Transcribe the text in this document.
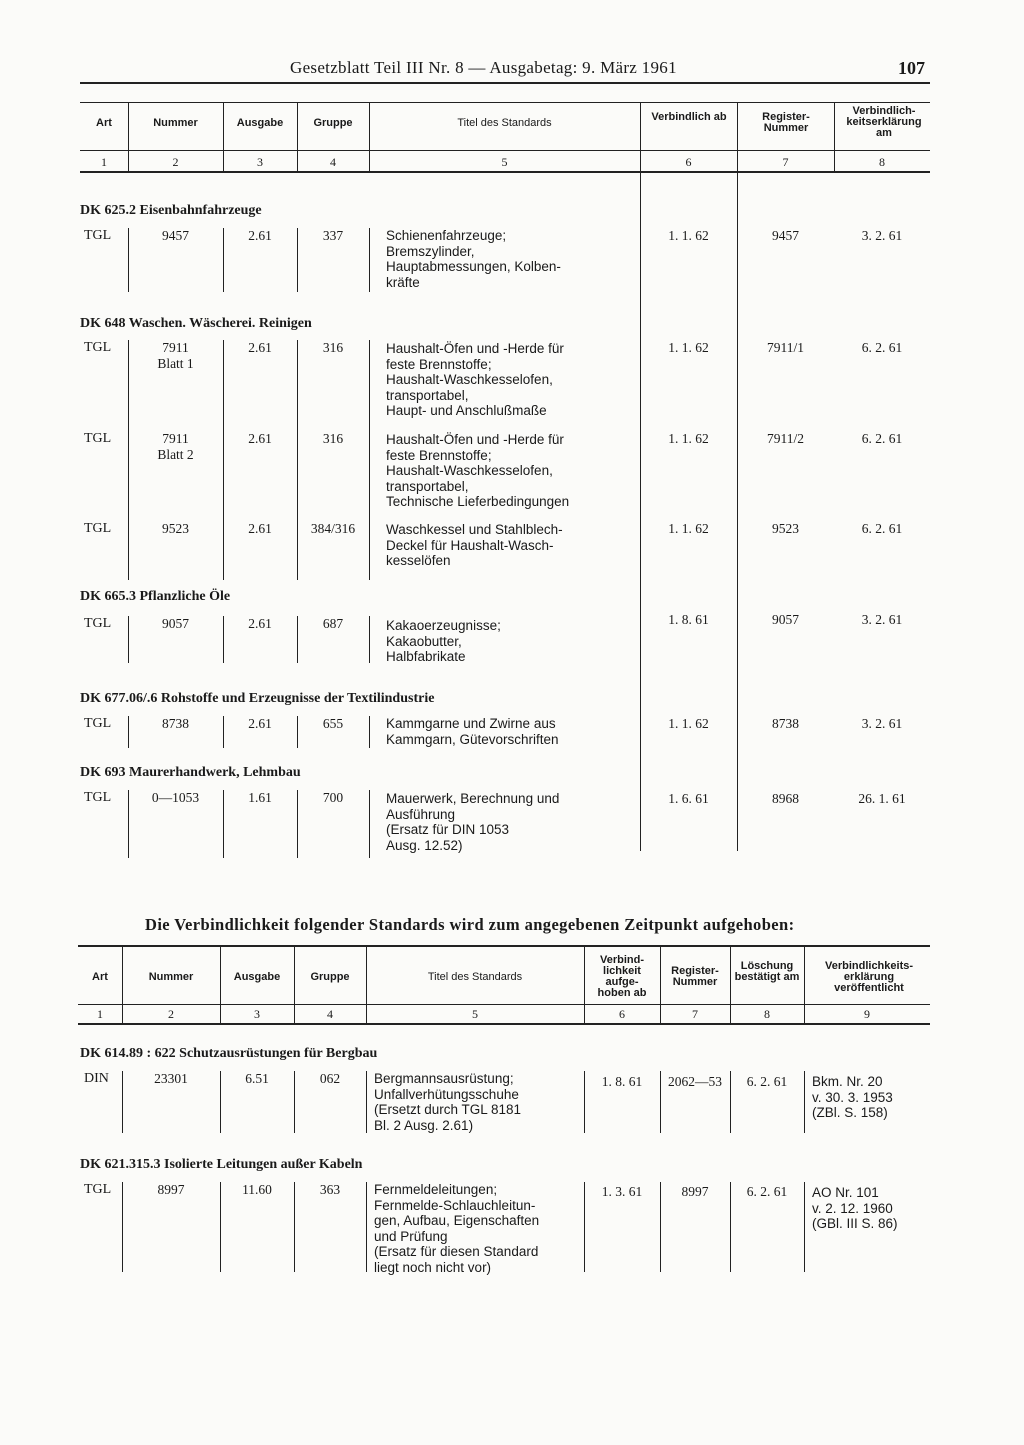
Gesetzblatt Teil III Nr. 8 — Ausgabetag: 9. März 1961	107
Art	Nummer	Ausgabe	Gruppe	Titel des Standards	Verbindlich ab	Register-Nummer
Verbindlich-keitserklärung am
1	2	3	4	5	6	7	8
DK 625.2 Eisenbahnfahrzeuge
TGL	9457	2.61	337	Schienenfahrzeuge;
Bremszylinder,
Hauptabmessungen, Kolben-
kräfte
1. 1. 62	9457	3. 2. 61
DK 648 Waschen. Wäscherei. Reinigen
TGL	7911
Blatt 1
2.61	316	Haushalt-Öfen und -Herde für
feste Brennstoffe;
Haushalt-Waschkesselofen,
transportabel,
Haupt- und Anschlußmaße
1. 1. 62	7911/1	6. 2. 61
TGL	7911
Blatt 2
2.61	316	Haushalt-Öfen und -Herde für
feste Brennstoffe;
Haushalt-Waschkesselofen,
transportabel,
Technische Lieferbedingungen
1. 1. 62	7911/2	6. 2. 61
TGL	9523	2.61	384/316	Waschkessel und Stahlblech-
Deckel für Haushalt-Wasch-
kesselöfen
1. 1. 62	9523	6. 2. 61
DK 665.3 Pflanzliche Öle
TGL	9057	2.61	687	Kakaoerzeugnisse;
Kakaobutter,
Halbfabrikate
1. 8. 61	9057	3. 2. 61
DK 677.06/.6 Rohstoffe und Erzeugnisse der Textilindustrie
TGL	8738	2.61	655	Kammgarne und Zwirne aus
Kammgarn, Gütevorschriften
1. 1. 62	8738	3. 2. 61
DK 693 Maurerhandwerk, Lehmbau
TGL	0—1053	1.61	700	Mauerwerk, Berechnung und
Ausführung
(Ersatz für DIN 1053
Ausg. 12.52)
1. 6. 61	8968	26. 1. 61
Die Verbindlichkeit folgender Standards wird zum angegebenen Zeitpunkt aufgehoben:
Art	Nummer	Ausgabe	Gruppe	Titel des Standards
Verbind-lichkeit aufge-hoben ab
Register-Nummer
Löschung bestätigt am
Verbindlichkeits-erklärung veröffentlicht
1	2	3	4	5	6	7	8	9
DK 614.89 : 622 Schutzausrüstungen für Bergbau
DIN	23301	6.51	062	Bergmannsausrüstung;
Unfallverhütungsschuhe
(Ersetzt durch TGL 8181
Bl. 2 Ausg. 2.61)
1. 8. 61	2062—53	6. 2. 61	Bkm. Nr. 20
v. 30. 3. 1953
(ZBl. S. 158)
DK 621.315.3 Isolierte Leitungen außer Kabeln
TGL	8997	11.60	363	Fernmeldeleitungen;
Fernmelde-Schlauchleitun-
gen, Aufbau, Eigenschaften
und Prüfung
(Ersatz für diesen Standard
liegt noch nicht vor)
1. 3. 61	8997	6. 2. 61	AO Nr. 101
v. 2. 12. 1960
(GBl. III S. 86)
